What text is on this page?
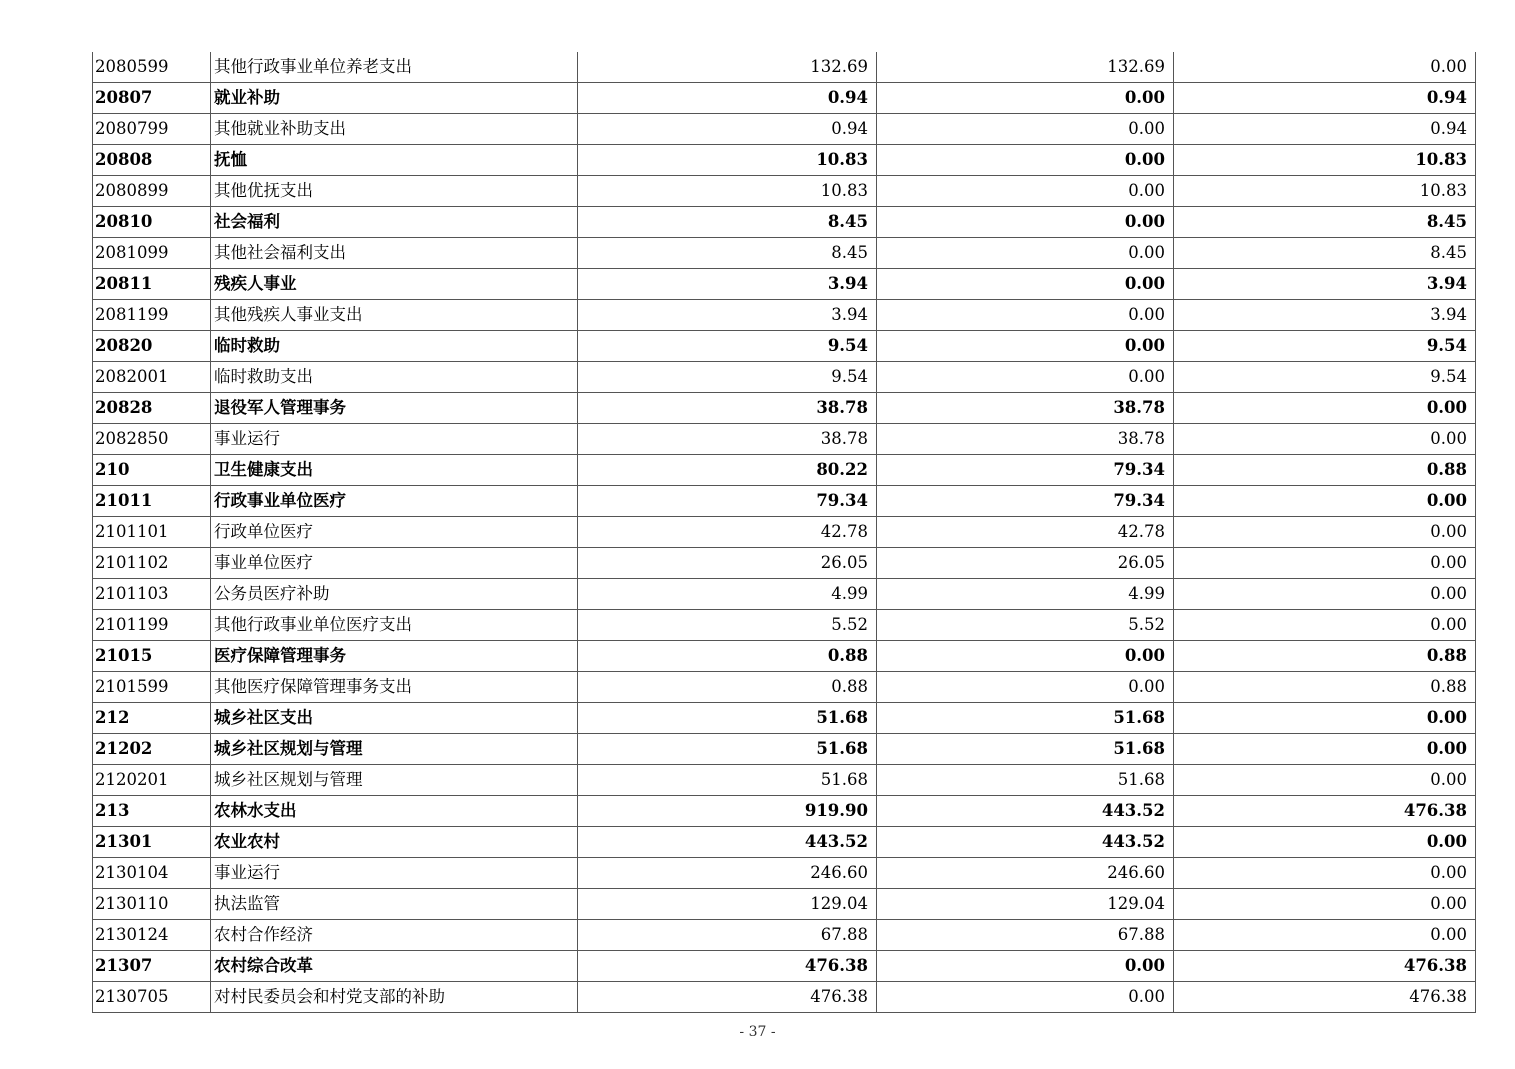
2080599	其他行政事业单位养老支出	132.69	132.69	0.00
20807	就业补助	0.94	0.00	0.94
2080799	其他就业补助支出	0.94	0.00	0.94
20808	抚恤	10.83	0.00	10.83
2080899	其他优抚支出	10.83	0.00	10.83
20810	社会福利	8.45	0.00	8.45
2081099	其他社会福利支出	8.45	0.00	8.45
20811	残疾人事业	3.94	0.00	3.94
2081199	其他残疾人事业支出	3.94	0.00	3.94
20820	临时救助	9.54	0.00	9.54
2082001	临时救助支出	9.54	0.00	9.54
20828	退役军人管理事务	38.78	38.78	0.00
2082850	事业运行	38.78	38.78	0.00
210	卫生健康支出	80.22	79.34	0.88
21011	行政事业单位医疗	79.34	79.34	0.00
2101101	行政单位医疗	42.78	42.78	0.00
2101102	事业单位医疗	26.05	26.05	0.00
2101103	公务员医疗补助	4.99	4.99	0.00
2101199	其他行政事业单位医疗支出	5.52	5.52	0.00
21015	医疗保障管理事务	0.88	0.00	0.88
2101599	其他医疗保障管理事务支出	0.88	0.00	0.88
212	城乡社区支出	51.68	51.68	0.00
21202	城乡社区规划与管理	51.68	51.68	0.00
2120201	城乡社区规划与管理	51.68	51.68	0.00
213	农林水支出	919.90	443.52	476.38
21301	农业农村	443.52	443.52	0.00
2130104	事业运行	246.60	246.60	0.00
2130110	执法监管	129.04	129.04	0.00
2130124	农村合作经济	67.88	67.88	0.00
21307	农村综合改革	476.38	0.00	476.38
2130705	对村民委员会和村党支部的补助	476.38	0.00	476.38
- 37 -
